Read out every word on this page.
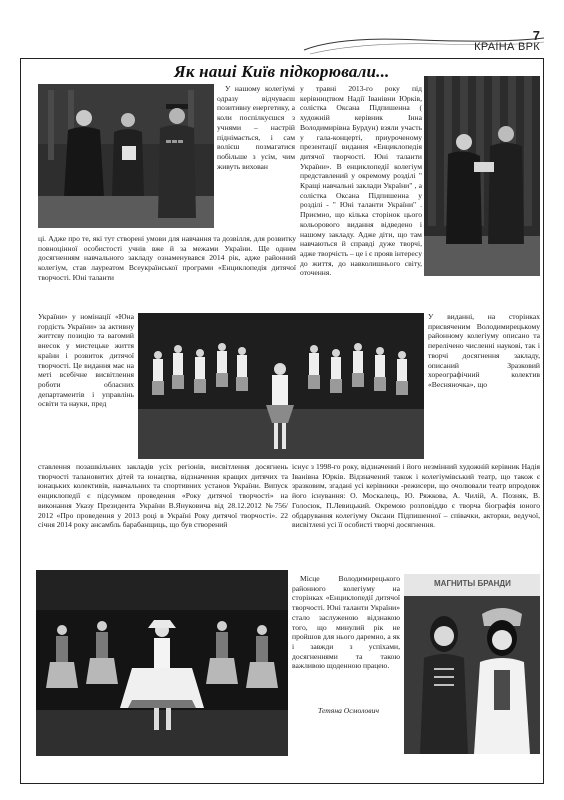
7
КРАЇНА ВРК
Як наші Київ підкорювали...
МАГНИТЫ БРАНДИ

У нашому колегіумі одразу відчуваєш позитивну енергетику, а коли поспілкуєшся з учнями – настрій піднімається, і сам волієш позмагатися побільше з усім, чим живуть вихован

ці. Адже про те, які тут створені умови для навчання та дозвілля, для розвитку повноцінної особистості учнів вже й за межами України. Ще одним досягненням навчального закладу ознаменувався 2014 рік, адже районний колегіум, став лауреатом Всеукраїнської програми «Енциклопедія дитячої творчості. Юні таланти

України» у номінації «Юна гордість України» за активну життєву позицію та вагомий внесок у мистецьке життя країни і розвиток дитячої творчості. Це видання має на меті всебічне висвітлення роботи обласних департаментів і управлінь освіти та науки, пред

ставлення позашкільних закладів усіх регіонів, висвітлення досягнень творчості талановитих дітей та юнацтва, відзначення кращих дитячих та юнацьких колективів, навчальних та спортивних установ України. Випуск енциклопедії є підсумком проведення «Року дитячої творчості» на виконання Указу Президента України В.Януковича від 28.12.2012 №756/ 2012 «Про проведення у 2013 році в Україні Року дитячої творчості». 22 січня 2014 року ансамбль барабанщиць, що був створений

у травні 2013-го року під керівництвом Надії Іванівни Юрків, солістка Оксана Підпишенна ( художній керівник Інна Володимирівна Бурдун) взяли участь у гала-концерті, приуроченому презентації видання «Енциклопедія дитячої творчості. Юні таланти України». В енциклопедії колегіум представлений у окремому розділі " Кращі навчальні заклади України" , а солістка Оксана Підпишенна у розділі - " Юні таланти України" . Приємно, що кілька сторінок цього кольорового видання відведено і нашому закладу. Адже діти, що там навчаються й справді дуже творчі, адже творчість – це і є прояв інтересу до життя, до навколишнього світу, оточення.

У виданні, на сторінках присвяченим Володимирецькому районному колегіуму описано та перелічено численні наукові, так і творчі досягнення закладу, описаний Зразковий хореографічний колектив «Весняночка», що

існує з 1998-го року, відзначений і його незмінний художній керівник Надія Іванівна Юрків. Відзначений також і колегіумівський театр, що також є зразковим, згадані усі керівники -режисери, що очолювали театр впродовж його існування: О. Москалець, Ю. Ряжкова, А. Чилій, А. Позняк, В. Голосюк, П.Левицький. Окремою розповіддю є творча біографія юного обдарування колегіуму Оксани Підпишенної – співачки, акторки, ведучої, висвітлені усі її особисті творчі досягнення.

Місце Володимирецького районного колегіуму на сторінках «Енциклопедії дитячої творчості. Юні таланти України» стало заслуженою відзнакою того, що минулий рік не пройшов для нього даремно, а як і завжди з успіхами, досягненнями та такою важливою щоденною працею.

Тетяна Осмолович
